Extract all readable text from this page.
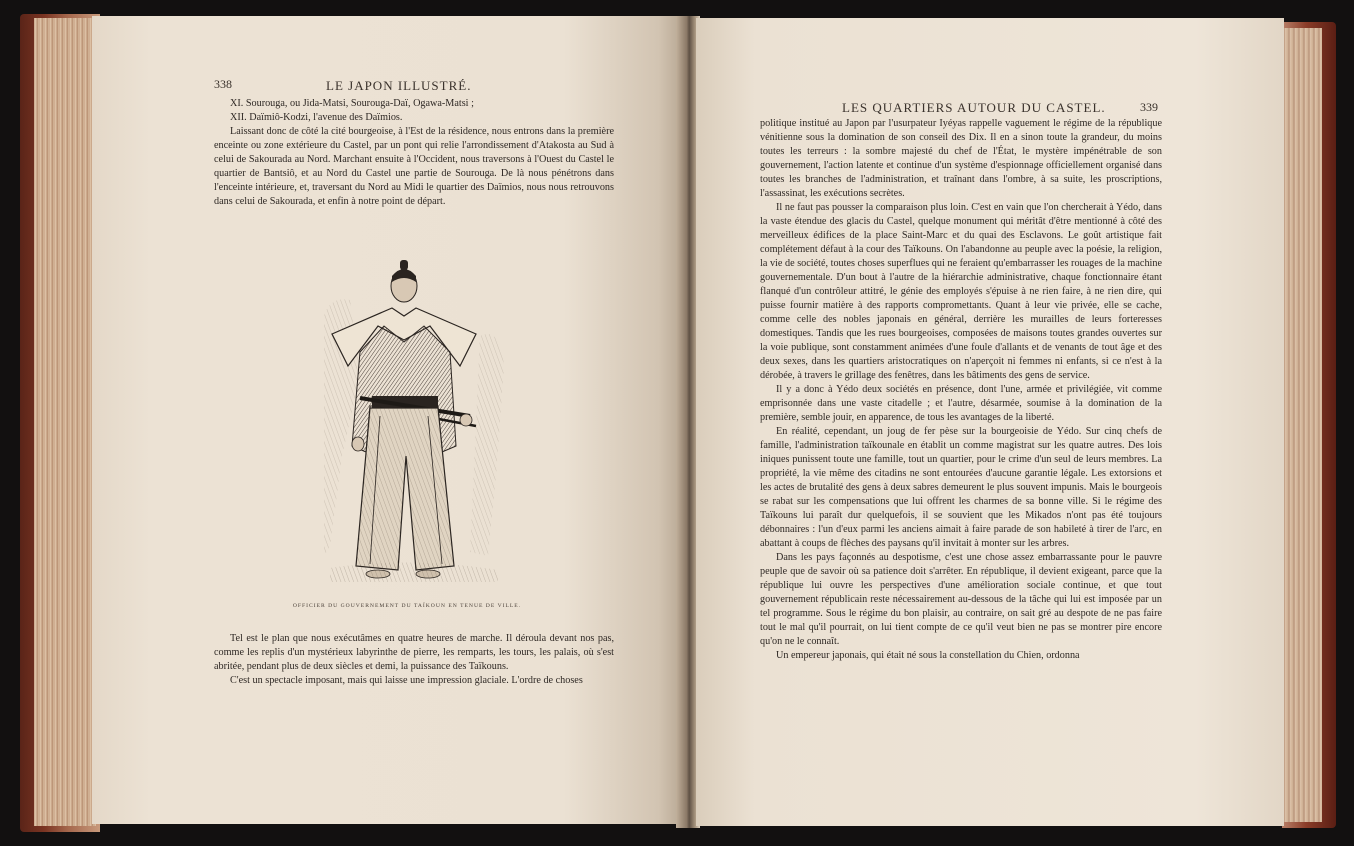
338	LE JAPON ILLUSTRÉ.
XI. Sourouga, ou Jida-Matsi, Sourouga-Daï, Ogawa-Matsi ;
XII. Daïmiô-Kodzi, l'avenue des Daïmios.

Laissant donc de côté la cité bourgeoise, à l'Est de la résidence, nous entrons dans la première enceinte ou zone extérieure du Castel, par un pont qui relie l'arrondissement d'Atakosta au Sud à celui de Sakourada au Nord. Marchant ensuite à l'Occident, nous traversons à l'Ouest du Castel le quartier de Bantsiô, et au Nord du Castel une partie de Sourouga. De là nous pénétrons dans l'enceinte intérieure, et, traversant du Nord au Midi le quartier des Daïmios, nous nous retrouvons dans celui de Sakourada, et enfin à notre point de départ.

OFFICIER DU GOUVERNEMENT DU TAÏKOUN EN TENUE DE VILLE.

Tel est le plan que nous exécutâmes en quatre heures de marche. Il déroula devant nos pas, comme les replis d'un mystérieux labyrinthe de pierre, les remparts, les tours, les palais, où s'est abritée, pendant plus de deux siècles et demi, la puissance des Taïkouns.

C'est un spectacle imposant, mais qui laisse une impression glaciale. L'ordre de choses

LES QUARTIERS AUTOUR DU CASTEL.	339

politique institué au Japon par l'usurpateur Iyéyas rappelle vaguement le régime de la république vénitienne sous la domination de son conseil des Dix. Il en a sinon toute la grandeur, du moins toutes les terreurs : la sombre majesté du chef de l'État, le mystère impénétrable de son gouvernement, l'action latente et continue d'un système d'espionnage officiellement organisé dans toutes les branches de l'administration, et traînant dans l'ombre, à sa suite, les proscriptions, l'assassinat, les exécutions secrètes.

Il ne faut pas pousser la comparaison plus loin. C'est en vain que l'on chercherait à Yédo, dans la vaste étendue des glacis du Castel, quelque monument qui méritât d'être mentionné à côté des merveilleux édifices de la place Saint-Marc et du quai des Esclavons. Le goût artistique fait complétement défaut à la cour des Taïkouns. On l'abandonne au peuple avec la poésie, la religion, la vie de société, toutes choses superflues qui ne feraient qu'embarrasser les rouages de la machine gouvernementale. D'un bout à l'autre de la hiérarchie administrative, chaque fonctionnaire étant flanqué d'un contrôleur attitré, le génie des employés s'épuise à ne rien faire, à ne rien dire, qui puisse fournir matière à des rapports compromettants. Quant à leur vie privée, elle se cache, comme celle des nobles japonais en général, derrière les murailles de leurs forteresses domestiques. Tandis que les rues bourgeoises, composées de maisons toutes grandes ouvertes sur la voie publique, sont constamment animées d'une foule d'allants et de venants de tout âge et des deux sexes, dans les quartiers aristocratiques on n'aperçoit ni femmes ni enfants, si ce n'est à la dérobée, à travers le grillage des fenêtres, dans les bâtiments des gens de service.

Il y a donc à Yédo deux sociétés en présence, dont l'une, armée et privilégiée, vit comme emprisonnée dans une vaste citadelle ; et l'autre, désarmée, soumise à la domination de la première, semble jouir, en apparence, de tous les avantages de la liberté.

En réalité, cependant, un joug de fer pèse sur la bourgeoisie de Yédo. Sur cinq chefs de famille, l'administration taïkounale en établit un comme magistrat sur les quatre autres. Des lois iniques punissent toute une famille, tout un quartier, pour le crime d'un seul de leurs membres. La propriété, la vie même des citadins ne sont entourées d'aucune garantie légale. Les extorsions et les actes de brutalité des gens à deux sabres demeurent le plus souvent impunis. Mais le bourgeois se rabat sur les compensations que lui offrent les charmes de sa bonne ville. Si le régime des Taïkouns lui paraît dur quelquefois, il se souvient que les Mikados n'ont pas été toujours débonnaires : l'un d'eux parmi les anciens aimait à faire parade de son habileté à tirer de l'arc, en abattant à coups de flèches des paysans qu'il invitait à monter sur les arbres.

Dans les pays façonnés au despotisme, c'est une chose assez embarrassante pour le pauvre peuple que de savoir où sa patience doit s'arrêter. En république, il devient exigeant, parce que la république lui ouvre les perspectives d'une amélioration sociale continue, et que tout gouvernement républicain reste nécessairement au-dessous de la tâche qui lui est imposée par un tel programme. Sous le régime du bon plaisir, au contraire, on sait gré au despote de ne pas faire tout le mal qu'il pourrait, on lui tient compte de ce qu'il veut bien ne pas se montrer pire encore qu'on ne le connaît.

Un empereur japonais, qui était né sous la constellation du Chien, ordonna
